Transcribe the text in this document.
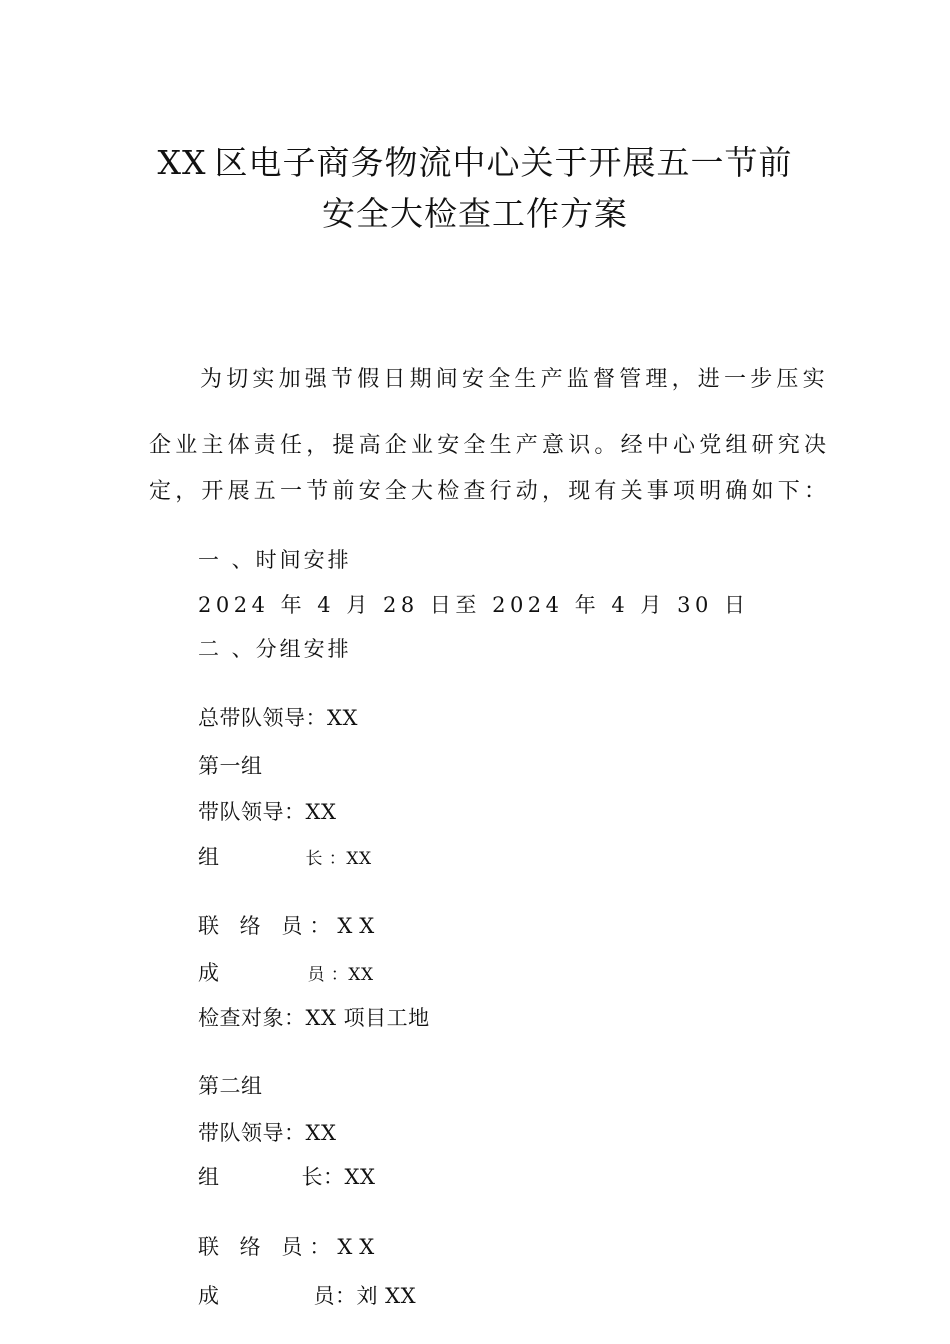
XX 区电子商务物流中心关于开展五一节前
安全大检查工作方案
为切实加强节假日期间安全生产监督管理，进一步压实
企业主体责任，提高企业安全生产意识。经中心党组研究决
定，开展五一节前安全大检查行动，现有关事项明确如下：
一 、时间安排
2024 年 4 月 28 日至 2024 年 4 月 30 日
二 、分组安排
总带队领导：XX
第一组
带队领导：XX
组	长 ：XX
联 络 员：XX
成	员 ：XX
检查对象：XX 项目工地
第二组
带队领导：XX
组	长：XX
联 络 员：XX
成	员：刘 XX
